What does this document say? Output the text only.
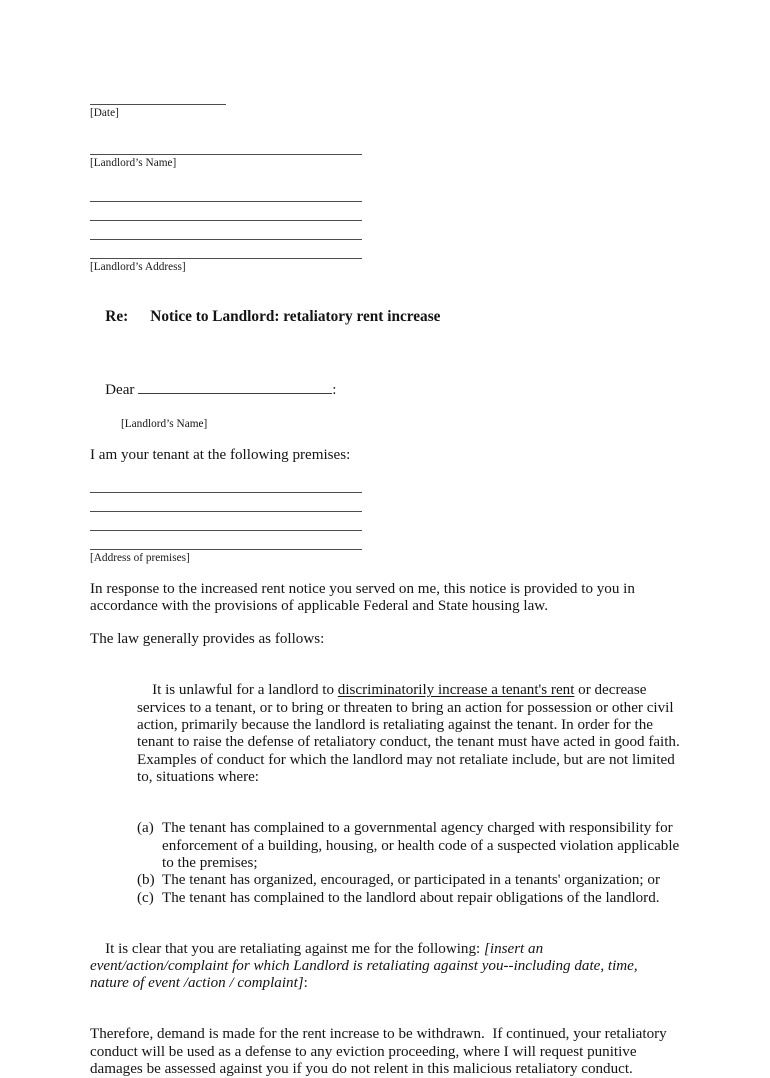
[Date]
[Landlord’s Name]
[Landlord’s Address]

Re: Notice to Landlord: retaliatory rent increase

Dear	:

[Landlord’s Name]
I am your tenant at the following premises:
[Address of premises]
In response to the increased rent notice you served on me, this notice is provided to you in accordance with the provisions of applicable Federal and State housing law.
The law generally provides as follows:

It is unlawful for a landlord to discriminatorily increase a tenant's rent or decrease services to a tenant, or to bring or threaten to bring an action for possession or other civil action, primarily because the landlord is retaliating against the tenant. In order for the tenant to raise the defense of retaliatory conduct, the tenant must have acted in good faith. Examples of conduct for which the landlord may not retaliate include, but are not limited to, situations where:

(a) The tenant has complained to a governmental agency charged with responsibility for enforcement of a building, housing, or health code of a suspected violation applicable to the premises;
(b) The tenant has organized, encouraged, or participated in a tenants' organization; or
(c) The tenant has complained to the landlord about repair obligations of the landlord.

It is clear that you are retaliating against me for the following: [insert an event/action/complaint for which Landlord is retaliating against you--including date, time, nature of event /action / complaint]:

Therefore, demand is made for the rent increase to be withdrawn.  If continued, your retaliatory conduct will be used as a defense to any eviction proceeding, where I will request punitive damages be assessed against you if you do not relent in this malicious retaliatory conduct.
